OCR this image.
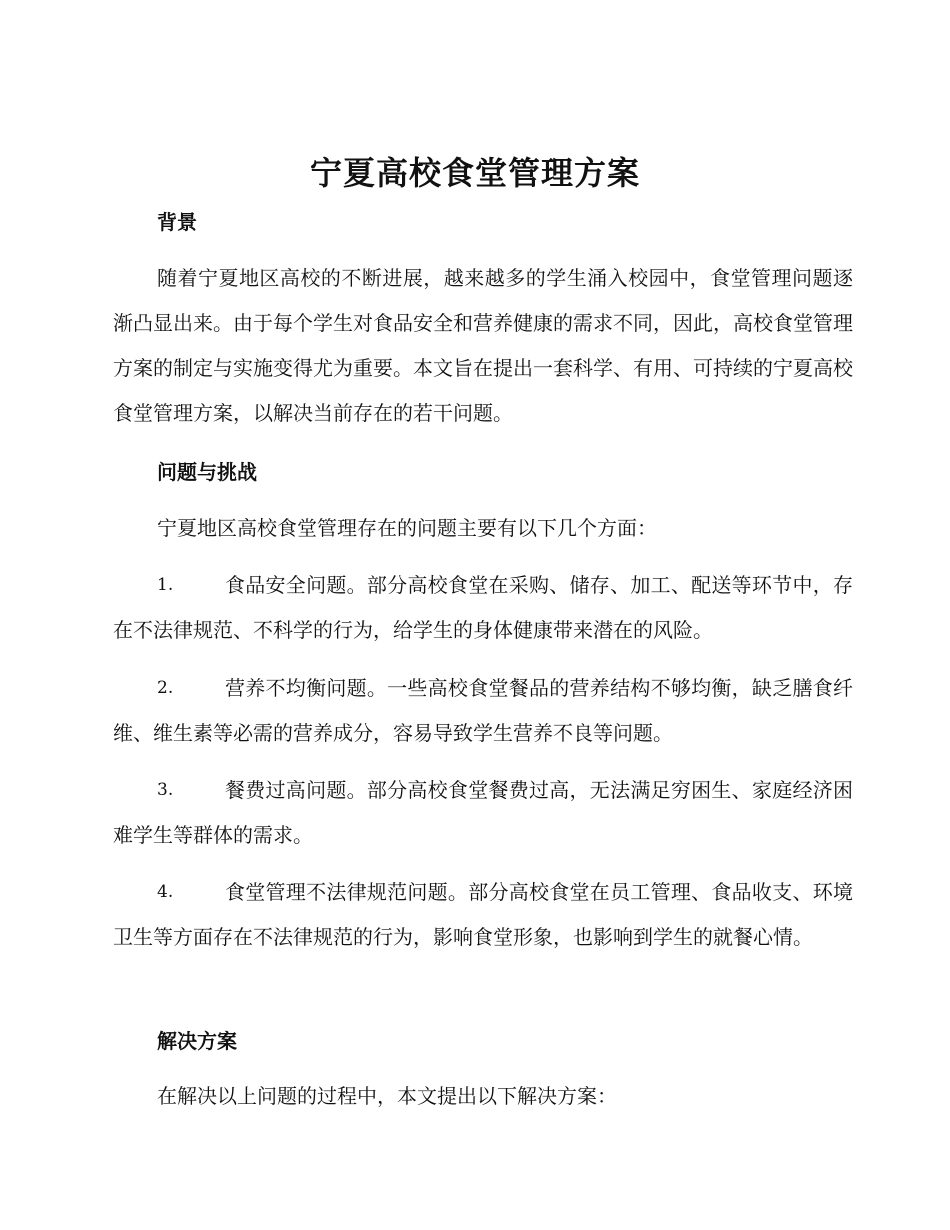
宁夏高校食堂管理方案
背景
随着宁夏地区高校的不断进展，越来越多的学生涌入校园中，食堂管理问题逐渐凸显出来。由于每个学生对食品安全和营养健康的需求不同，因此，高校食堂管理方案的制定与实施变得尤为重要。本文旨在提出一套科学、有用、可持续的宁夏高校食堂管理方案，以解决当前存在的若干问题。
问题与挑战
宁夏地区高校食堂管理存在的问题主要有以下几个方面：
1.	食品安全问题。部分高校食堂在采购、储存、加工、配送等环节中，存在不法律规范、不科学的行为，给学生的身体健康带来潜在的风险。
2.	营养不均衡问题。一些高校食堂餐品的营养结构不够均衡，缺乏膳食纤维、维生素等必需的营养成分，容易导致学生营养不良等问题。
3.	餐费过高问题。部分高校食堂餐费过高，无法满足穷困生、家庭经济困难学生等群体的需求。
4.	食堂管理不法律规范问题。部分高校食堂在员工管理、食品收支、环境卫生等方面存在不法律规范的行为，影响食堂形象，也影响到学生的就餐心情。
解决方案
在解决以上问题的过程中，本文提出以下解决方案：
